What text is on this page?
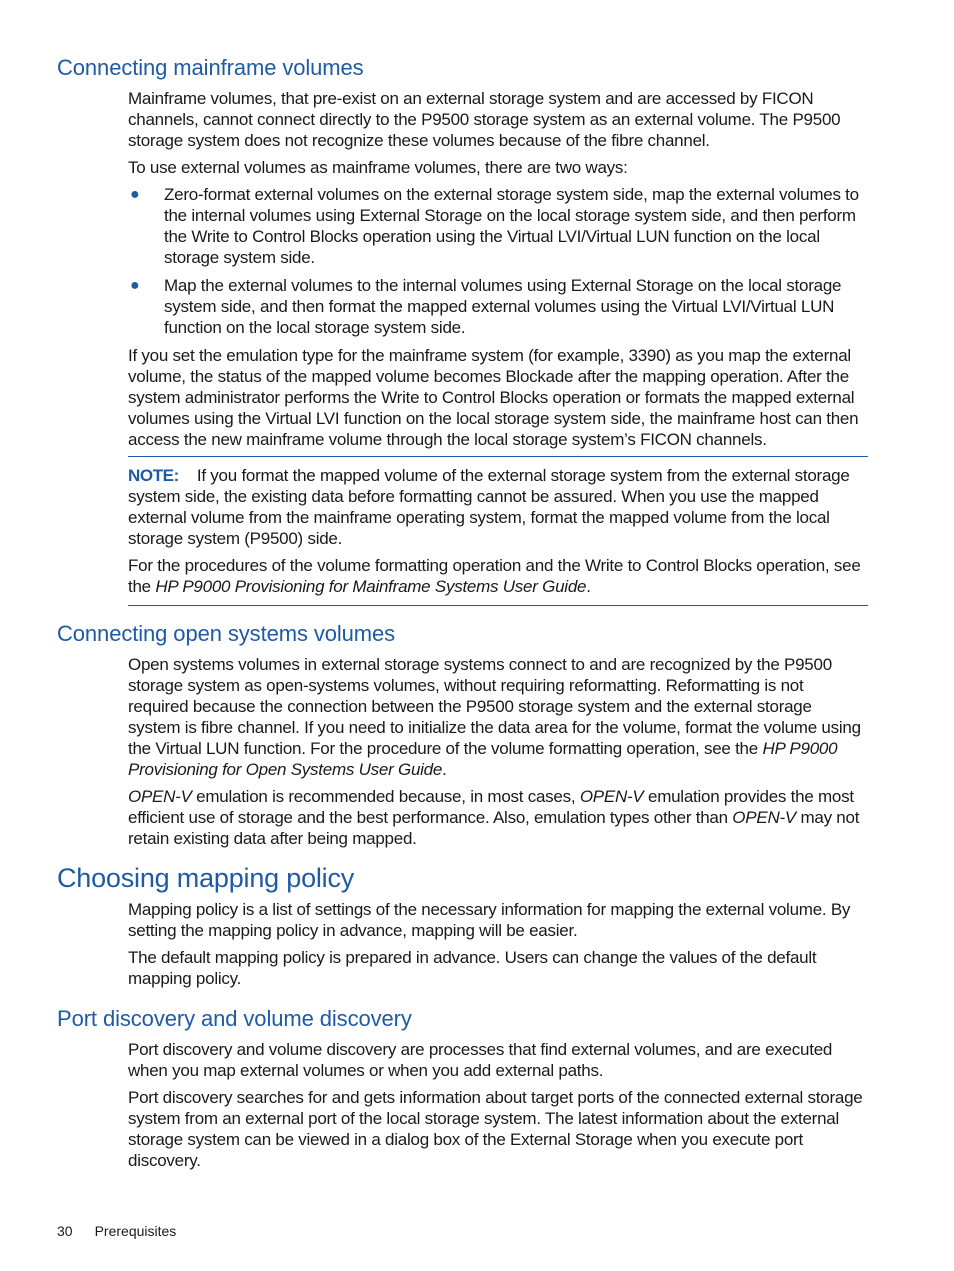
Connecting mainframe volumes

Mainframe volumes, that pre-exist on an external storage system and are accessed by FICON channels, cannot connect directly to the P9500 storage system as an external volume. The P9500 storage system does not recognize these volumes because of the fibre channel.

To use external volumes as mainframe volumes, there are two ways:

● Zero-format external volumes on the external storage system side, map the external volumes to the internal volumes using External Storage on the local storage system side, and then perform the Write to Control Blocks operation using the Virtual LVI/Virtual LUN function on the local storage system side.
● Map the external volumes to the internal volumes using External Storage on the local storage system side, and then format the mapped external volumes using the Virtual LVI/Virtual LUN function on the local storage system side.

If you set the emulation type for the mainframe system (for example, 3390) as you map the external volume, the status of the mapped volume becomes Blockade after the mapping operation. After the system administrator performs the Write to Control Blocks operation or formats the mapped external volumes using the Virtual LVI function on the local storage system side, the mainframe host can then access the new mainframe volume through the local storage system’s FICON channels.

NOTE: If you format the mapped volume of the external storage system from the external storage system side, the existing data before formatting cannot be assured. When you use the mapped external volume from the mainframe operating system, format the mapped volume from the local storage system (P9500) side.

For the procedures of the volume formatting operation and the Write to Control Blocks operation, see the HP P9000 Provisioning for Mainframe Systems User Guide.

Connecting open systems volumes

Open systems volumes in external storage systems connect to and are recognized by the P9500 storage system as open-systems volumes, without requiring reformatting. Reformatting is not required because the connection between the P9500 storage system and the external storage system is fibre channel. If you need to initialize the data area for the volume, format the volume using the Virtual LUN function. For the procedure of the volume formatting operation, see the HP P9000 Provisioning for Open Systems User Guide.

OPEN-V emulation is recommended because, in most cases, OPEN-V emulation provides the most efficient use of storage and the best performance. Also, emulation types other than OPEN-V may not retain existing data after being mapped.

Choosing mapping policy

Mapping policy is a list of settings of the necessary information for mapping the external volume. By setting the mapping policy in advance, mapping will be easier.

The default mapping policy is prepared in advance. Users can change the values of the default mapping policy.

Port discovery and volume discovery

Port discovery and volume discovery are processes that find external volumes, and are executed when you map external volumes or when you add external paths.

Port discovery searches for and gets information about target ports of the connected external storage system from an external port of the local storage system. The latest information about the external storage system can be viewed in a dialog box of the External Storage when you execute port discovery.

30 Prerequisites
